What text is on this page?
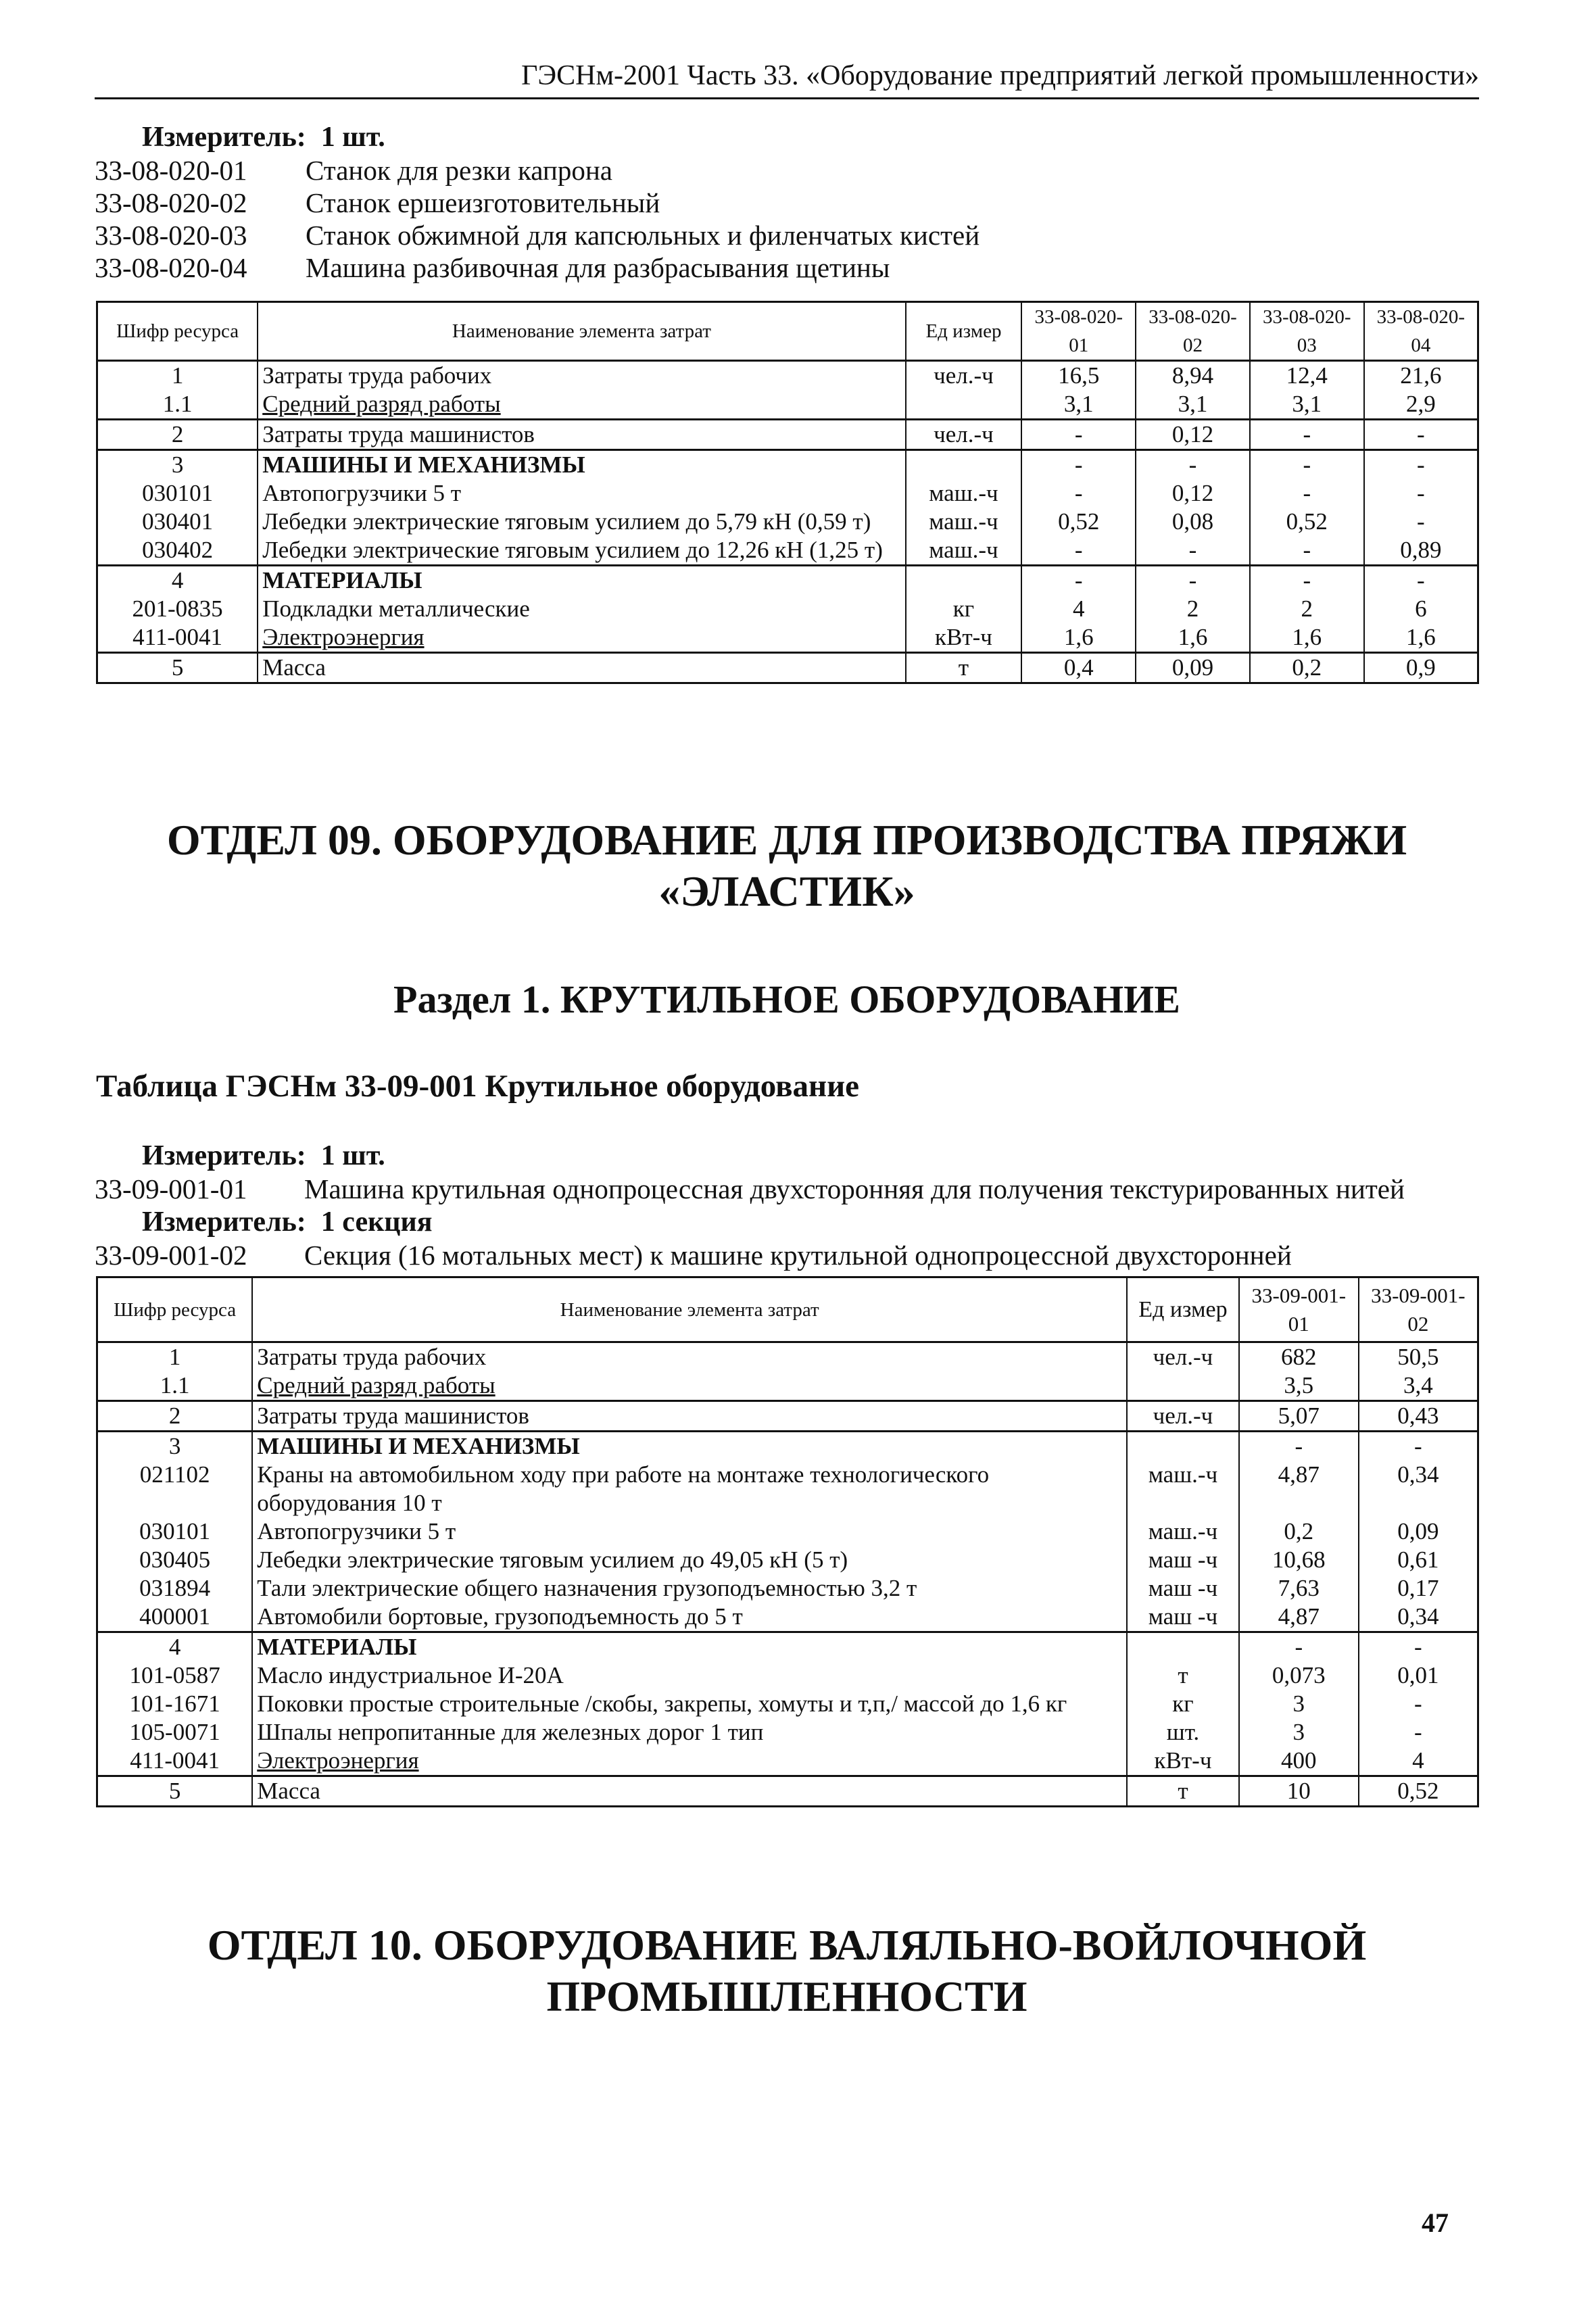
ГЭСНм-2001 Часть 33. «Оборудование предприятий легкой промышленности»
Измеритель: 1 шт.
33-08-020-01	Станок для резки капрона
33-08-020-02	Станок ершеизготовительный
33-08-020-03	Станок обжимной для капсюльных и филенчатых кистей
33-08-020-04	Машина разбивочная для разбрасывания щетины
Шифр ресурса	Наименование элемента затрат	Ед измер	33-08-020-01	33-08-020-02	33-08-020-03	33-08-020-04
1	Затраты труда рабочих	чел.-ч	16,5	8,94	12,4	21,6
1.1	Средний разряд работы		3,1	3,1	3,1	2,9
2	Затраты труда машинистов	чел.-ч	-	0,12	-	-
3	МАШИНЫ И МЕХАНИЗМЫ		-	-	-	-
030101	Автопогрузчики 5 т	маш.-ч	-	0,12	-	-
030401	Лебедки электрические тяговым усилием до 5,79 кН (0,59 т)	маш.-ч	0,52	0,08	0,52	-
030402	Лебедки электрические тяговым усилием до 12,26 кН (1,25 т)	маш.-ч	-	-	-	0,89
4	МАТЕРИАЛЫ		-	-	-	-
201-0835	Подкладки металлические	кг	4	2	2	6
411-0041	Электроэнергия	кВт-ч	1,6	1,6	1,6	1,6
5	Масса	т	0,4	0,09	0,2	0,9
ОТДЕЛ 09. ОБОРУДОВАНИЕ ДЛЯ ПРОИЗВОДСТВА ПРЯЖИ «ЭЛАСТИК»
Раздел 1. КРУТИЛЬНОЕ ОБОРУДОВАНИЕ
Таблица ГЭСНм 33-09-001 Крутильное оборудование
Измеритель: 1 шт.
33-09-001-01	Машина крутильная однопроцессная двухсторонняя для получения текстурированных нитей
Измеритель: 1 секция
33-09-001-02	Секция (16 мотальных мест) к машине крутильной однопроцессной двухсторонней
Шифр ресурса	Наименование элемента затрат	Ед измер	33-09-001-01	33-09-001-02
1	Затраты труда рабочих	чел.-ч	682	50,5
1.1	Средний разряд работы		3,5	3,4
2	Затраты труда машинистов	чел.-ч	5,07	0,43
3	МАШИНЫ И МЕХАНИЗМЫ		-	-
021102	Краны на автомобильном ходу при работе на монтаже технологического оборудования 10 т	маш.-ч	4,87	0,34
030101	Автопогрузчики 5 т	маш.-ч	0,2	0,09
030405	Лебедки электрические тяговым усилием до 49,05 кН (5 т)	маш -ч	10,68	0,61
031894	Тали электрические общего назначения грузоподъемностью 3,2 т	маш -ч	7,63	0,17
400001	Автомобили бортовые, грузоподъемность до 5 т	маш -ч	4,87	0,34
4	МАТЕРИАЛЫ		-	-
101-0587	Масло индустриальное И-20А	т	0,073	0,01
101-1671	Поковки простые строительные /скобы, закрепы, хомуты и т,п,/ массой до 1,6 кг	кг	3	-
105-0071	Шпалы непропитанные для железных дорог 1 тип	шт.	3	-
411-0041	Электроэнергия	кВт-ч	400	4
5	Масса	т	10	0,52
ОТДЕЛ 10. ОБОРУДОВАНИЕ ВАЛЯЛЬНО-ВОЙЛОЧНОЙ ПРОМЫШЛЕННОСТИ
47
